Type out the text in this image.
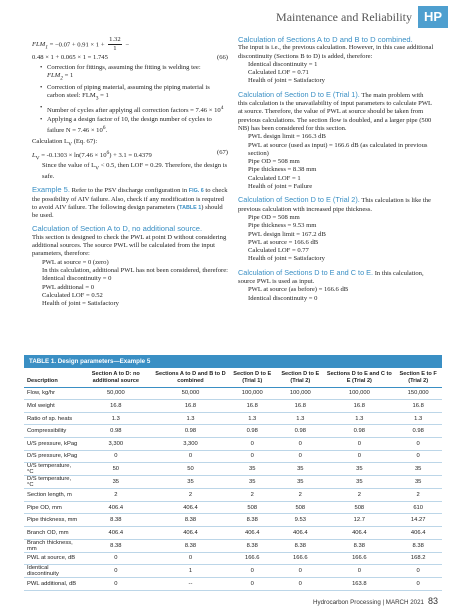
Maintenance and Reliability HP
$FLM_1 = -0.07 + 0.91 \times 1 + \frac{1.32}{1}$ −
0.48 × 1 + 0.065 × 1 = 1.745	(66)
• Correction for fittings, assuming the fitting is welding tee:
$FLM_2 = 1$
• Correction of piping material, assuming the piping material is carbon steel: $FLM_3 = 1$
• Number of cycles after applying all correction factors = $7.46 \times 10^4$
• Applying a design factor of 10, the design number of cycles to failure $N = 7.46 \times 10^6$.

Calculation $L_V$ (Eq. 67):

$L_V = -0.1303 \times \ln(7.46 \times 10^6) + 3.1 = 0.4379$	(67)

Since the value of $L_V < 0.5$, then LOF = 0.29. Therefore, the design is safe.

Example 5. Refer to the PSV discharge configuration in FIG. 6 to check the possibility of AIV failure. Also, check if any modification is required to avoid AIV failure. The following design parameters (TABLE 1) should be used.

Calculation of Section A to D, no additional source.

This section is designed to check the PWL at point D without considering additional sources. The source PWL will be calculated from the input parameters, therefore:

PWL at source = 0 (zero)

In this calculation, additional PWL has not been considered, therefore:

Identical discontinuity = 0

PWL additional = 0

Calculated LOF = 0.52

Health of joint = Satisfactory

Calculation of Sections A to D and B to D combined.

The input is i.e., the previous calculation. However, in this case additional discontinuity (Sections B to D) is added, therefore:

Identical discontinuity = 1

Calculated LOF = 0.71

Health of joint = Satisfactory

Calculation of Section D to E (Trial 1). The main problem with this calculation is the unavailability of input parameters to calculate PWL at source. Therefore, the value of PWL at source should be taken from previous calculations. The section flow is doubled, and a larger pipe (500 NB) has been considered for this section.

PWL design limit = 166.3 dB

PWL at source (used as input) = 166.6 dB (as calculated in previous section)

Pipe OD = 508 mm

Pipe thickness = 8.38 mm

Calculated LOF = 1

Health of joint = Failure

Calculation of Section D to E (Trial 2). This calculation is like the previous calculation with increased pipe thickness.

Pipe OD = 508 mm

Pipe thickness = 9.53 mm

PWL design limit = 167.2 dB

PWL at source = 166.6 dB

Calculated LOF = 0.77

Health of joint = Satisfactory

Calculation of Sections D to E and C to E. In this calculation, source PWL is used as input.

PWL at source (as before) = 166.6 dB

Identical discontinuity = 0

TABLE 1. Design parameters—Example 5
Description	Section A to D: no additional source	Sections A to D and B to D combined	Section D to E (Trial 1)	Section D to E (Trial 2)	Sections D to E and C to E (Trial 2)	Section E to F (Trial 2)
Flow, kg/hr	50,000	50,000	100,000	100,000	100,000	150,000
Mol weight	16.8	16.8	16.8	16.8	16.8	16.8
Ratio of sp. heats	1.3	1.3	1.3	1.3	1.3	1.3
Compressibility	0.98	0.98	0.98	0.98	0.98	0.98
U/S pressure, kPag	3,300	3,300	0	0	0	0
D/S pressure, kPag	0	0	0	0	0	0
U/S temperature, °C	50	50	35	35	35	35
D/S temperature, °C	35	35	35	35	35	35
Section length, m	2	2	2	2	2	2
Pipe OD, mm	406.4	406.4	508	508	508	610
Pipe thickness, mm	8.38	8.38	8.38	9.53	12.7	14.27
Branch OD, mm	406.4	406.4	406.4	406.4	406.4	406.4
Branch thickness, mm	8.38	8.38	8.38	8.38	8.38	8.38
PWL at source, dB	0	0	166.6	166.6	166.6	168.2
Identical discontinuity	0	1	0	0	0	0
PWL additional, dB	0	--	0	0	163.8	0
Hydrocarbon Processing | MARCH 2021 83
